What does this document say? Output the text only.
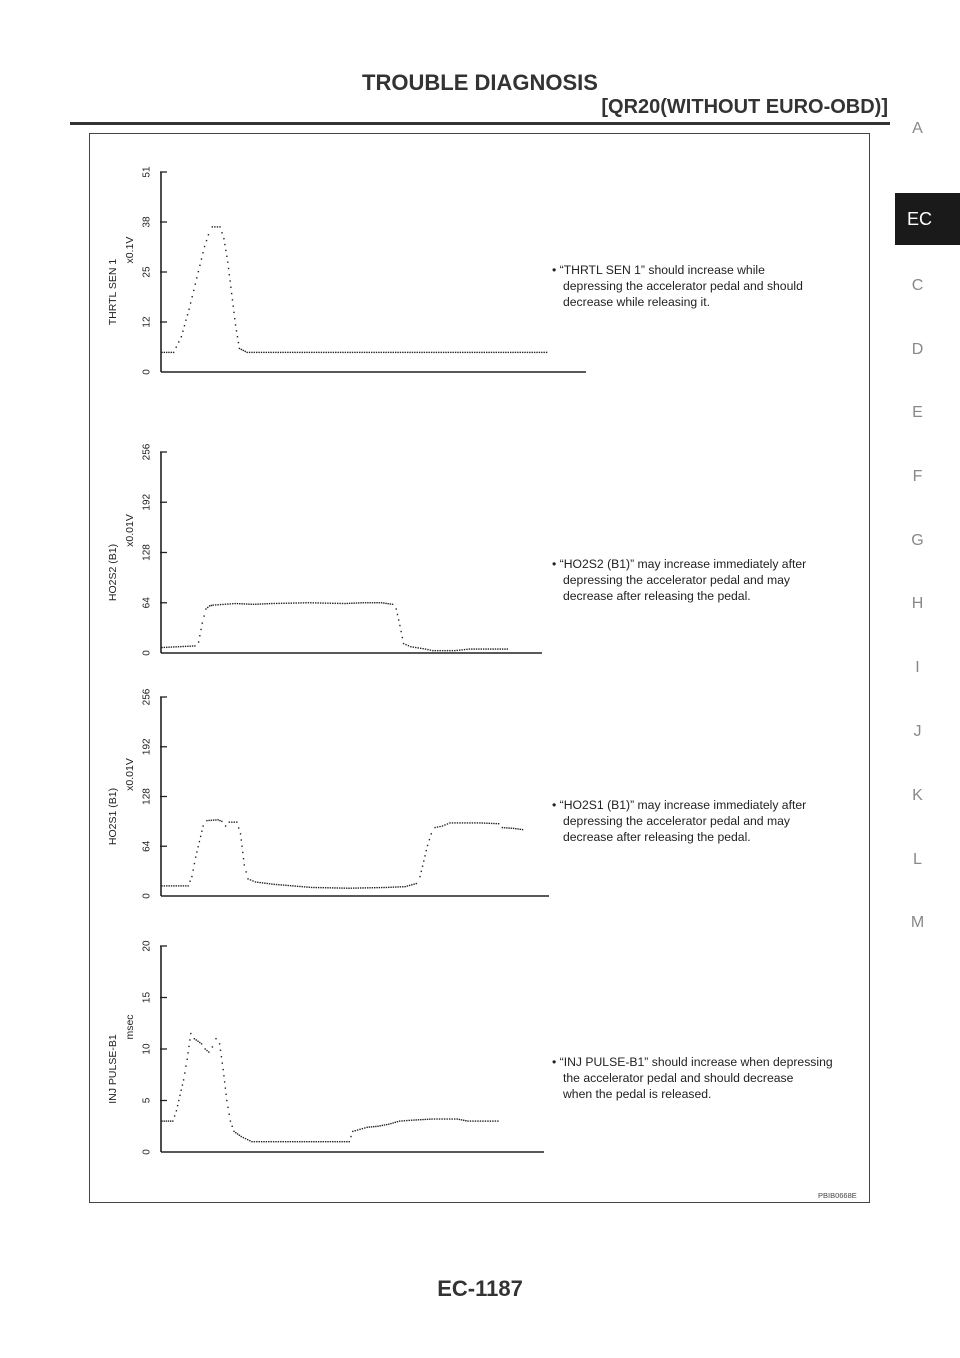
TROUBLE DIAGNOSIS
[QR20(WITHOUT EURO-OBD)]
0
12
25
38
51
THRTL SEN 1
x0.1V
0
64
128
192
256
HO2S2 (B1)
x0.01V
0
64
128
192
256
HO2S1 (B1)
x0.01V
0
5
10
15
20
INJ PULSE-B1
msec
• “THRTL SEN 1” should increase while
depressing the accelerator pedal and should
decrease while releasing it.
• “HO2S2 (B1)” may increase immediately after
depressing the accelerator pedal and may
decrease after releasing the pedal.
• “HO2S1 (B1)” may increase immediately after
depressing the accelerator pedal and may
decrease after releasing the pedal.
• “INJ PULSE-B1” should increase when depressing
the accelerator pedal and should decrease
when the pedal is released.
PBIB0668E
EC-1187
A
EC
C
D
E
F
G
H
I
J
K
L
M
